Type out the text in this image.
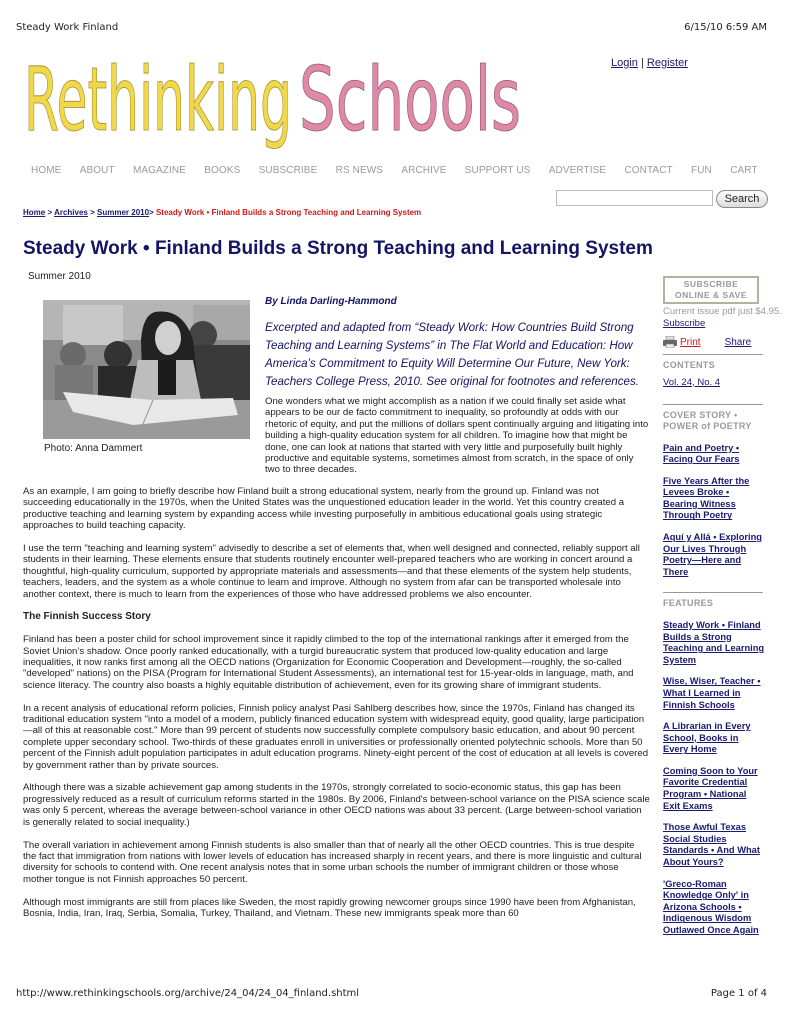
Steady Work Finland	6/15/10 6:59 AM
Rethinking Schools	Login | Register
HOME ABOUT MAGAZINE BOOKS SUBSCRIBE RS NEWS ARCHIVE SUPPORT US ADVERTISE CONTACT FUN CART
Search
Home > Archives > Summer 2010> Steady Work • Finland Builds a Strong Teaching and Learning System
Steady Work • Finland Builds a Strong Teaching and Learning System
Summer 2010
Photo: Anna Dammert
By Linda Darling-Hammond
Excerpted and adapted from “Steady Work: How Countries Build Strong Teaching and Learning Systems” in The Flat World and Education: How America’s Commitment to Equity Will Determine Our Future, New York: Teachers College Press, 2010. See original for footnotes and references.
One wonders what we might accomplish as a nation if we could finally set aside what appears to be our de facto commitment to inequality, so profoundly at odds with our rhetoric of equity, and put the millions of dollars spent continually arguing and litigating into building a high-quality education system for all children. To imagine how that might be done, one can look at nations that started with very little and purposefully built highly productive and equitable systems, sometimes almost from scratch, in the space of only two to three decades.

As an example, I am going to briefly describe how Finland built a strong educational system, nearly from the ground up. Finland was not succeeding educationally in the 1970s, when the United States was the unquestioned education leader in the world. Yet this country created a productive teaching and learning system by expanding access while investing purposefully in ambitious educational goals using strategic approaches to build teaching capacity.

I use the term "teaching and learning system" advisedly to describe a set of elements that, when well designed and connected, reliably support all students in their learning. These elements ensure that students routinely encounter well-prepared teachers who are working in concert around a thoughtful, high-quality curriculum, supported by appropriate materials and assessments—and that these elements of the system help students, teachers, leaders, and the system as a whole continue to learn and improve. Although no system from afar can be transported wholesale into another context, there is much to learn from the experiences of those who have addressed problems we also encounter.

The Finnish Success Story

Finland has been a poster child for school improvement since it rapidly climbed to the top of the international rankings after it emerged from the Soviet Union’s shadow. Once poorly ranked educationally, with a turgid bureaucratic system that produced low-quality education and large inequalities, it now ranks first among all the OECD nations (Organization for Economic Cooperation and Development—roughly, the so-called "developed" nations) on the PISA (Program for International Student Assessments), an international test for 15-year-olds in language, math, and science literacy. The country also boasts a highly equitable distribution of achievement, even for its growing share of immigrant students.

In a recent analysis of educational reform policies, Finnish policy analyst Pasi Sahlberg describes how, since the 1970s, Finland has changed its traditional education system "into a model of a modern, publicly financed education system with widespread equity, good quality, large participation—all of this at reasonable cost." More than 99 percent of students now successfully complete compulsory basic education, and about 90 percent complete upper secondary school. Two-thirds of these graduates enroll in universities or professionally oriented polytechnic schools. More than 50 percent of the Finnish adult population participates in adult education programs. Ninety-eight percent of the cost of education at all levels is covered by government rather than by private sources.

Although there was a sizable achievement gap among students in the 1970s, strongly correlated to socio-economic status, this gap has been progressively reduced as a result of curriculum reforms started in the 1980s. By 2006, Finland's between-school variance on the PISA science scale was only 5 percent, whereas the average between-school variance in other OECD nations was about 33 percent. (Large between-school variation is generally related to social inequality.)

The overall variation in achievement among Finnish students is also smaller than that of nearly all the other OECD countries. This is true despite the fact that immigration from nations with lower levels of education has increased sharply in recent years, and there is more linguistic and cultural diversity for schools to contend with. One recent analysis notes that in some urban schools the number of immigrant children or those whose mother tongue is not Finnish approaches 50 percent.

Although most immigrants are still from places like Sweden, the most rapidly growing newcomer groups since 1990 have been from Afghanistan, Bosnia, India, Iran, Iraq, Serbia, Somalia, Turkey, Thailand, and Vietnam. These new immigrants speak more than 60

SUBSCRIBE
ONLINE & SAVE
Current issue pdf just $4.95. Subscribe
Print Share
CONTENTS
Vol. 24, No. 4
COVER STORY • POWER of POETRY
Pain and Poetry • Facing Our Fears
Five Years After the Levees Broke • Bearing Witness Through Poetry
Aquí y Allá • Exploring Our Lives Through Poetry—Here and There
FEATURES
Steady Work • Finland Builds a Strong Teaching and Learning System
Wise, Wiser, Teacher • What I Learned in Finnish Schools
A Librarian in Every School, Books in Every Home
Coming Soon to Your Favorite Credential Program • National Exit Exams
Those Awful Texas Social Studies Standards • And What About Yours?
'Greco-Roman Knowledge Only' in Arizona Schools • Indigenous Wisdom Outlawed Once Again
http://www.rethinkingschools.org/archive/24_04/24_04_finland.shtml	Page 1 of 4
